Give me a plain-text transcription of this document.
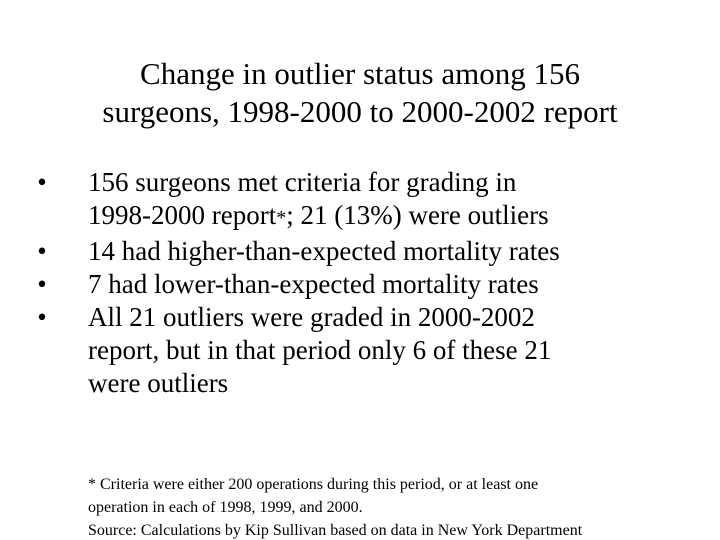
Change in outlier status among 156
surgeons, 1998-2000 to 2000-2002 report
• 156 surgeons met criteria for grading in
1998-2000 report*; 21 (13%) were outliers
• 14 had higher-than-expected mortality rates
• 7 had lower-than-expected mortality rates
• All 21 outliers were graded in 2000-2002
report, but in that period only 6 of these 21
were outliers
* Criteria were either 200 operations during this period, or at least one
operation in each of 1998, 1999, and 2000.
Source: Calculations by Kip Sullivan based on data in New York Department
